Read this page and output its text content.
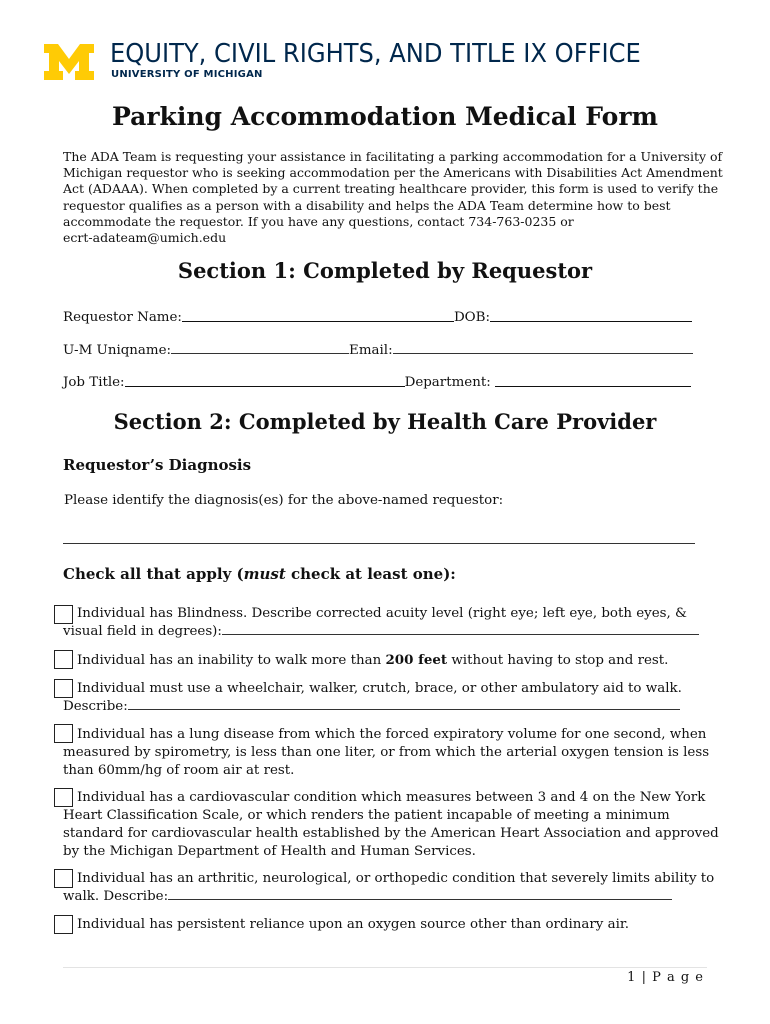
EQUITY, CIVIL RIGHTS, AND TITLE IX OFFICE
UNIVERSITY OF MICHIGAN
Parking Accommodation Medical Form

The ADA Team is requesting your assistance in facilitating a parking accommodation for a University of

Michigan requestor who is seeking accommodation per the Americans with Disabilities Act Amendment

Act (ADAAA). When completed by a current treating healthcare provider, this form is used to verify the

requestor qualifies as a person with a disability and helps the ADA Team determine how to best

accommodate the requestor. If you have any questions, contact 734-763-0235 or

ecrt-adateam@umich.edu

Section 1: Completed by Requestor
Requestor Name:	DOB:
U-M Uniqname:	Email:
Job Title:	Department:
Section 2: Completed by Health Care Provider
Requestor’s Diagnosis
Please identify the diagnosis(es) for the above-named requestor:
Check all that apply (must check at least one):

Individual has Blindness. Describe corrected acuity level (right eye; left eye, both eyes, &

visual field in degrees):

Individual has an inability to walk more than 200 feet without having to stop and rest.

Individual must use a wheelchair, walker, crutch, brace, or other ambulatory aid to walk.

Describe:

Individual has a lung disease from which the forced expiratory volume for one second, when

measured by spirometry, is less than one liter, or from which the arterial oxygen tension is less

than 60mm/hg of room air at rest.

Individual has a cardiovascular condition which measures between 3 and 4 on the New York

Heart Classification Scale, or which renders the patient incapable of meeting a minimum

standard for cardiovascular health established by the American Heart Association and approved

by the Michigan Department of Health and Human Services.

Individual has an arthritic, neurological, or orthopedic condition that severely limits ability to

walk. Describe:

Individual has persistent reliance upon an oxygen source other than ordinary air.

1 | P a g e
